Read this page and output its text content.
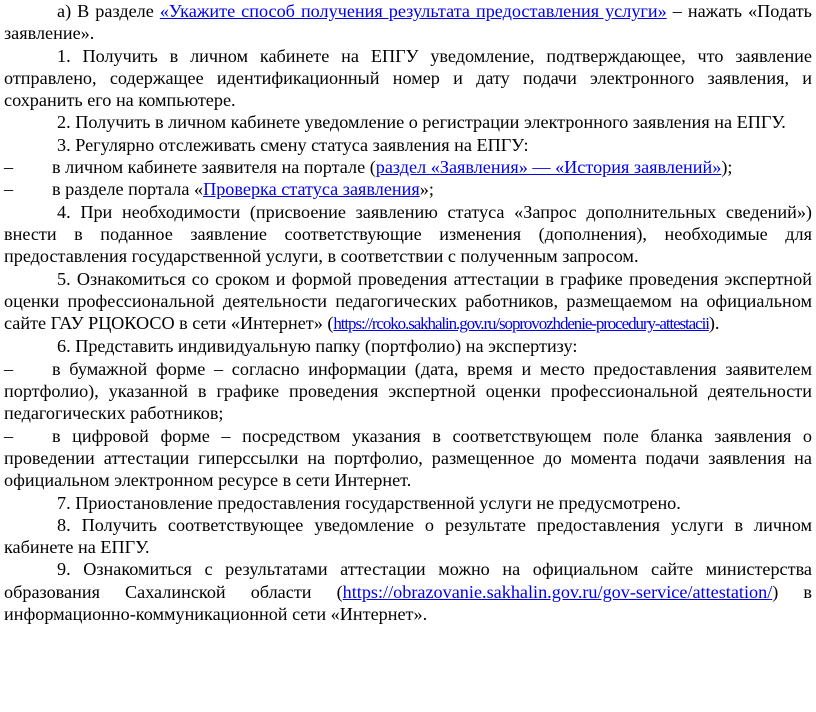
а) В разделе «Укажите способ получения результата предоставления услуги» – нажать «Подать заявление».

1. Получить в личном кабинете на ЕПГУ уведомление, подтверждающее, что заявление отправлено, содержащее идентификационный номер и дату подачи электронного заявления, и сохранить его на компьютере.

2. Получить в личном кабинете уведомление о регистрации электронного заявления на ЕПГУ.

3. Регулярно отслеживать смену статуса заявления на ЕПГУ:

– в личном кабинете заявителя на портале (раздел «Заявления» — «История заявлений»);

– в разделе портала «Проверка статуса заявления»;

4. При необходимости (присвоение заявлению статуса «Запрос дополнительных сведений») внести в поданное заявление соответствующие изменения (дополнения), необходимые для предоставления государственной услуги, в соответствии с полученным запросом.

5. Ознакомиться со сроком и формой проведения аттестации в графике проведения экспертной оценки профессиональной деятельности педагогических работников, размещаемом на официальном сайте ГАУ РЦОКОСО в сети «Интернет» (https://rcoko.sakhalin.gov.ru/soprovozhdenie-procedury-attestacii).

6. Представить индивидуальную папку (портфолио) на экспертизу:

– в бумажной форме – согласно информации (дата, время и место предоставления заявителем портфолио), указанной в графике проведения экспертной оценки профессиональной деятельности педагогических работников;

– в цифровой форме – посредством указания в соответствующем поле бланка заявления о проведении аттестации гиперссылки на портфолио, размещенное до момента подачи заявления на официальном электронном ресурсе в сети Интернет.

7. Приостановление предоставления государственной услуги не предусмотрено.

8. Получить соответствующее уведомление о результате предоставления услуги в личном кабинете на ЕПГУ.

9. Ознакомиться с результатами аттестации можно на официальном сайте министерства образования Сахалинской области (https://obrazovanie.sakhalin.gov.ru/gov-service/attestation/) в информационно-коммуникационной сети «Интернет».
